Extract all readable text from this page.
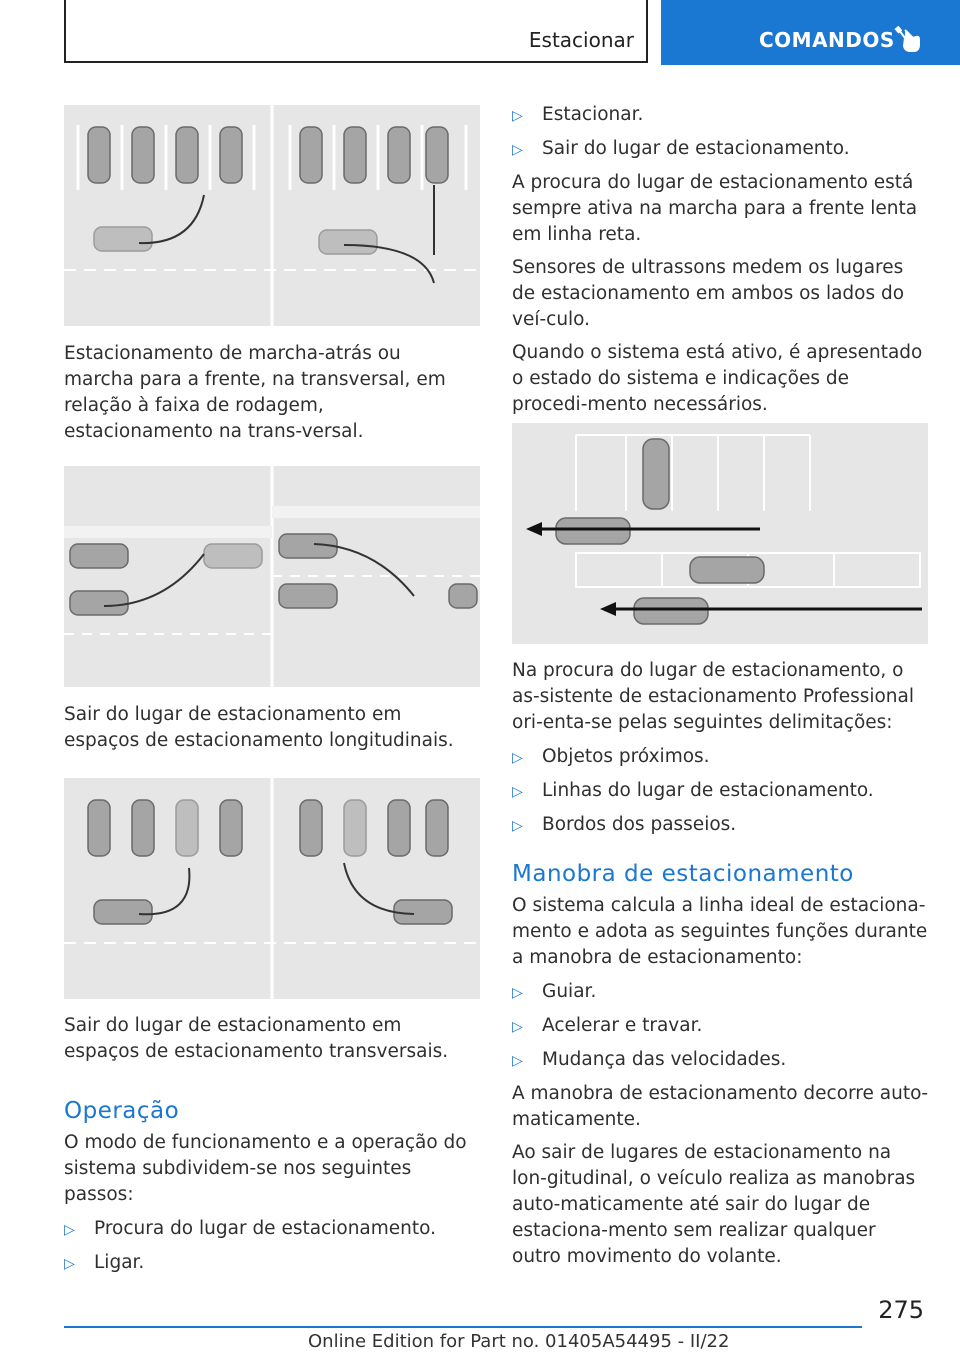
Estacionar	COMANDOS
Estacionamento de marcha-atrás ou marcha para a frente, na transversal, em relação à faixa de rodagem, estacionamento na trans‐versal.
Sair do lugar de estacionamento em espaços de estacionamento longitudinais.
Sair do lugar de estacionamento em espaços de estacionamento transversais.
Operação

O modo de funcionamento e a operação do sistema subdividem-se nos seguintes passos:

▷	Procura do lugar de estacionamento.
▷	Ligar.
▷	Estacionar.
▷	Sair do lugar de estacionamento.

A procura do lugar de estacionamento está sempre ativa na marcha para a frente lenta em linha reta.

Sensores de ultrassons medem os lugares de estacionamento em ambos os lados do veí‐culo.

Quando o sistema está ativo, é apresentado o estado do sistema e indicações de procedi‐mento necessários.

Na procura do lugar de estacionamento, o as‐sistente de estacionamento Professional ori‐enta-se pelas seguintes delimitações:

▷	Objetos próximos.
▷	Linhas do lugar de estacionamento.
▷	Bordos dos passeios.
Manobra de estacionamento

O sistema calcula a linha ideal de estaciona‐mento e adota as seguintes funções durante a manobra de estacionamento:

▷	Guiar.
▷	Acelerar e travar.
▷	Mudança das velocidades.

A manobra de estacionamento decorre auto‐maticamente.

Ao sair de lugares de estacionamento na lon‐gitudinal, o veículo realiza as manobras auto‐maticamente até sair do lugar de estaciona‐mento sem realizar qualquer outro movimento do volante.

275
Online Edition for Part no. 01405A54495 - II/22
